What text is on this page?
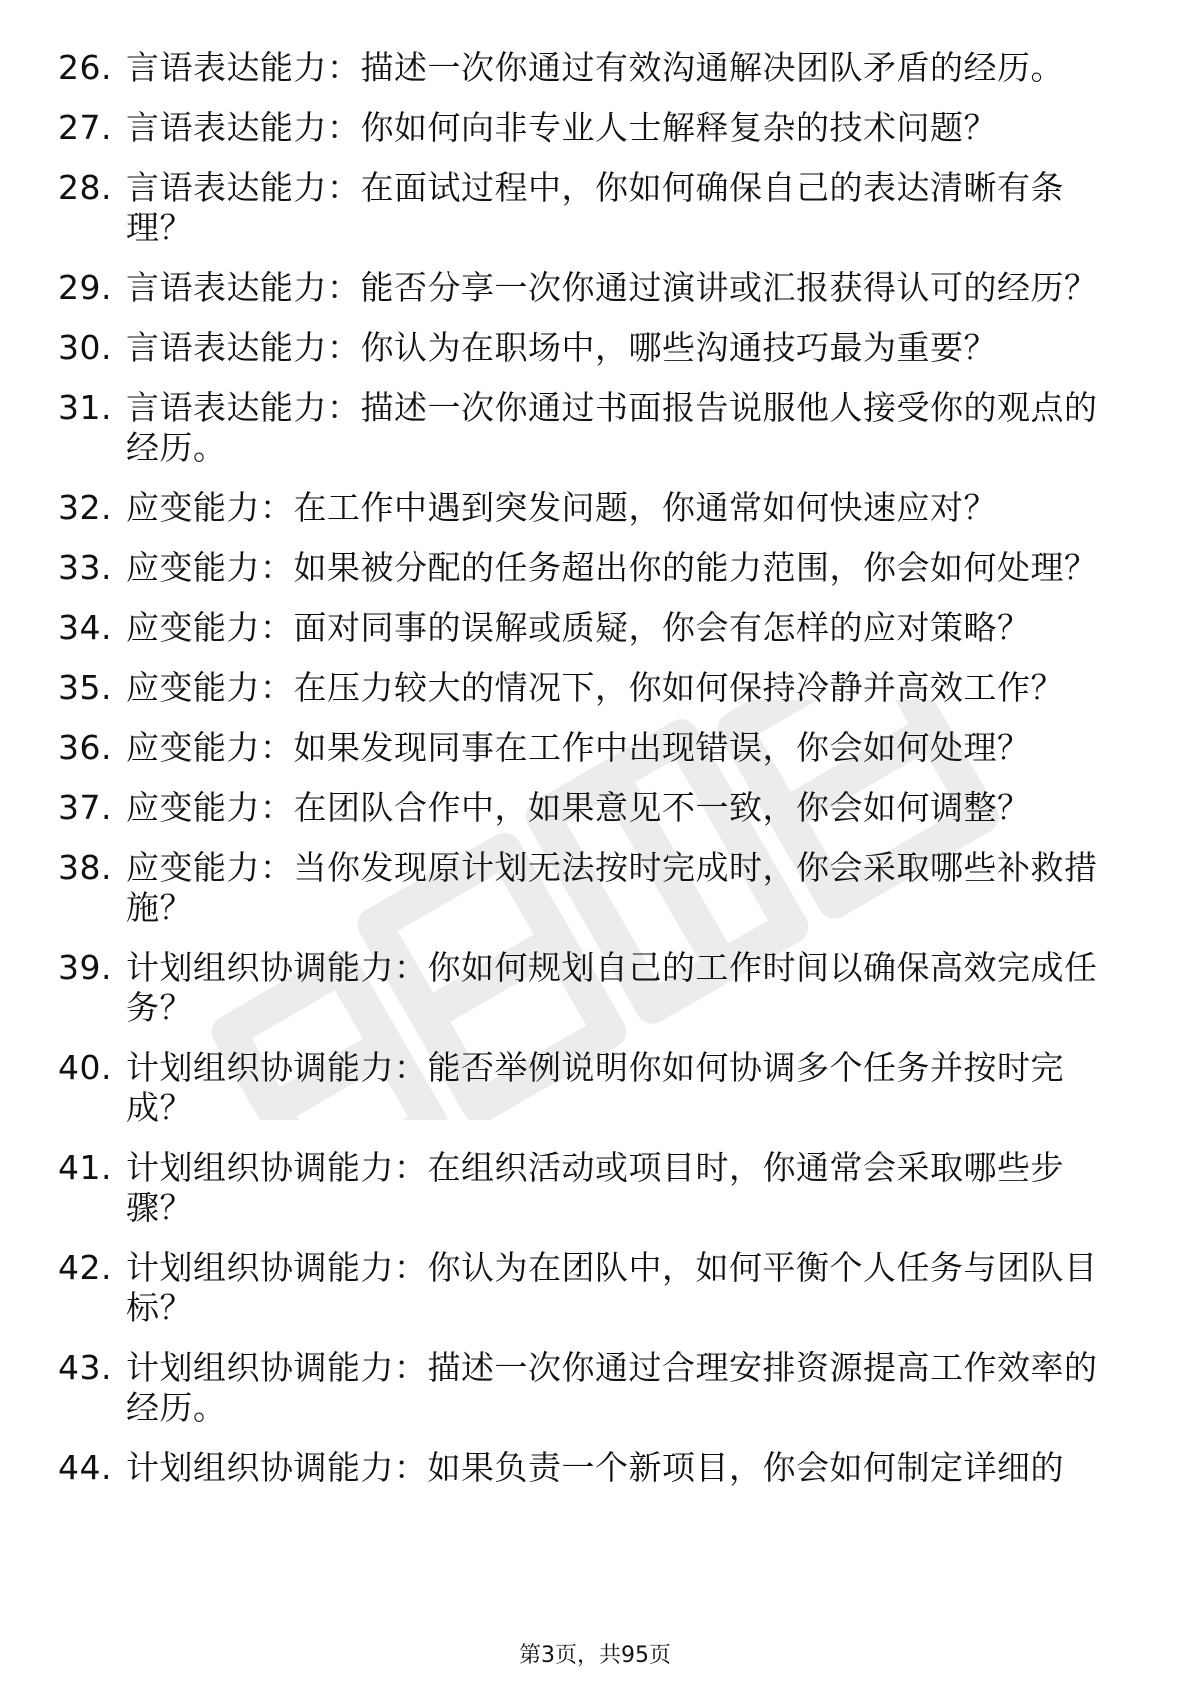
26. 言语表达能力：描述一次你通过有效沟通解决团队矛盾的经历。
27. 言语表达能力：你如何向非专业人士解释复杂的技术问题？
28. 言语表达能力：在面试过程中，你如何确保自己的表达清晰有条理？
29. 言语表达能力：能否分享一次你通过演讲或汇报获得认可的经历？
30. 言语表达能力：你认为在职场中，哪些沟通技巧最为重要？
31. 言语表达能力：描述一次你通过书面报告说服他人接受你的观点的经历。
32. 应变能力：在工作中遇到突发问题，你通常如何快速应对？
33. 应变能力：如果被分配的任务超出你的能力范围，你会如何处理？
34. 应变能力：面对同事的误解或质疑，你会有怎样的应对策略？
35. 应变能力：在压力较大的情况下，你如何保持冷静并高效工作？
36. 应变能力：如果发现同事在工作中出现错误，你会如何处理？
37. 应变能力：在团队合作中，如果意见不一致，你会如何调整？
38. 应变能力：当你发现原计划无法按时完成时，你会采取哪些补救措施？
39. 计划组织协调能力：你如何规划自己的工作时间以确保高效完成任务？
40. 计划组织协调能力：能否举例说明你如何协调多个任务并按时完成？
41. 计划组织协调能力：在组织活动或项目时，你通常会采取哪些步骤？
42. 计划组织协调能力：你认为在团队中，如何平衡个人任务与团队目标？
43. 计划组织协调能力：描述一次你通过合理安排资源提高工作效率的经历。
44. 计划组织协调能力：如果负责一个新项目，你会如何制定详细的
第3页，共95页
